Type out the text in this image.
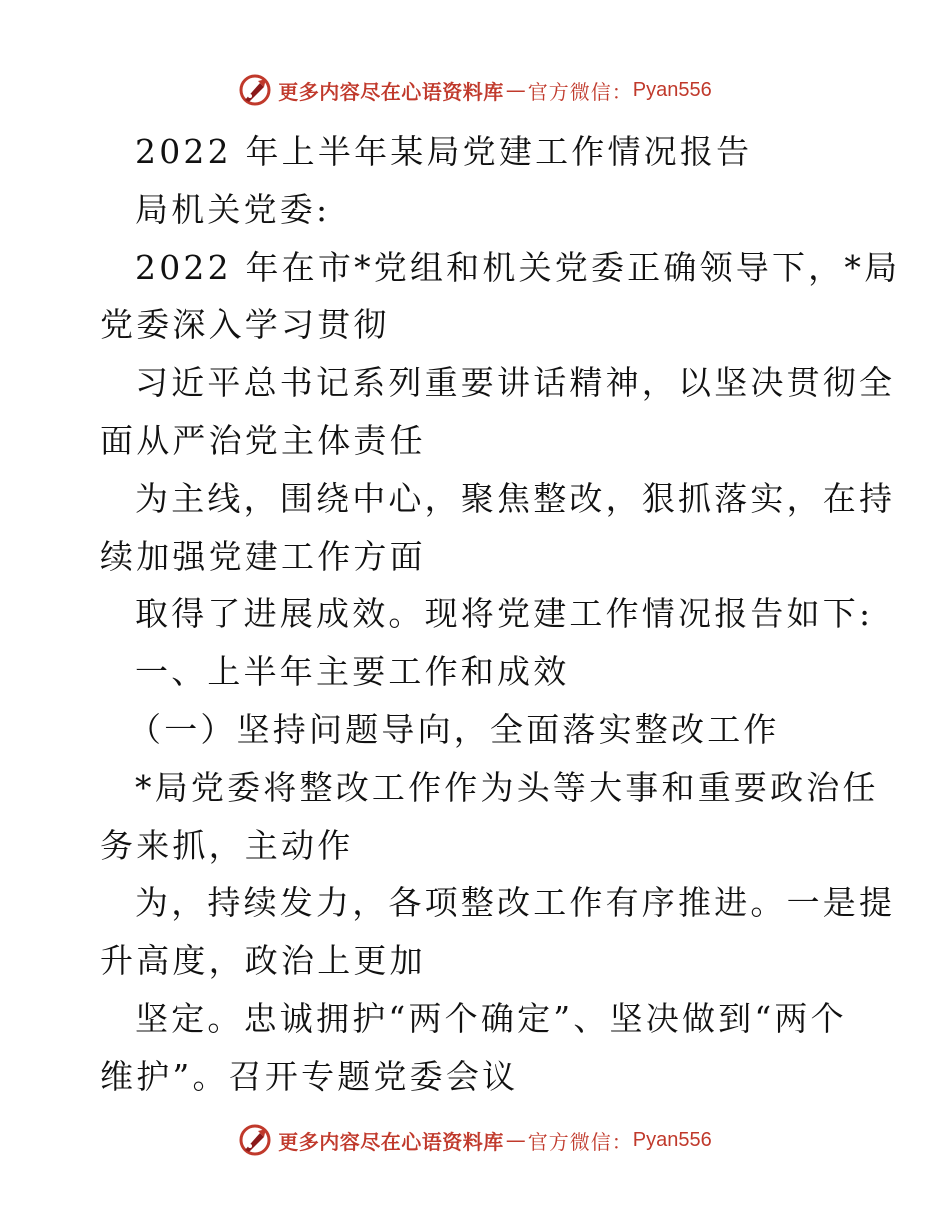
更多内容尽在心语资料库 — 官方微信： Pyan556
2022 年上半年某局党建工作情况报告
局机关党委:
2022 年在市*党组和机关党委正确领导下，*局
党委深入学习贯彻
习近平总书记系列重要讲话精神，以坚决贯彻全
面从严治党主体责任
为主线，围绕中心，聚焦整改，狠抓落实，在持
续加强党建工作方面
取得了进展成效。现将党建工作情况报告如下:
一、上半年主要工作和成效
（一）坚持问题导向，全面落实整改工作
*局党委将整改工作作为头等大事和重要政治任
务来抓，主动作
为，持续发力，各项整改工作有序推进。一是提
升高度，政治上更加
坚定。忠诚拥护“两个确定”、坚决做到“两个
维护”。召开专题党委会议
更多内容尽在心语资料库 — 官方微信： Pyan556
